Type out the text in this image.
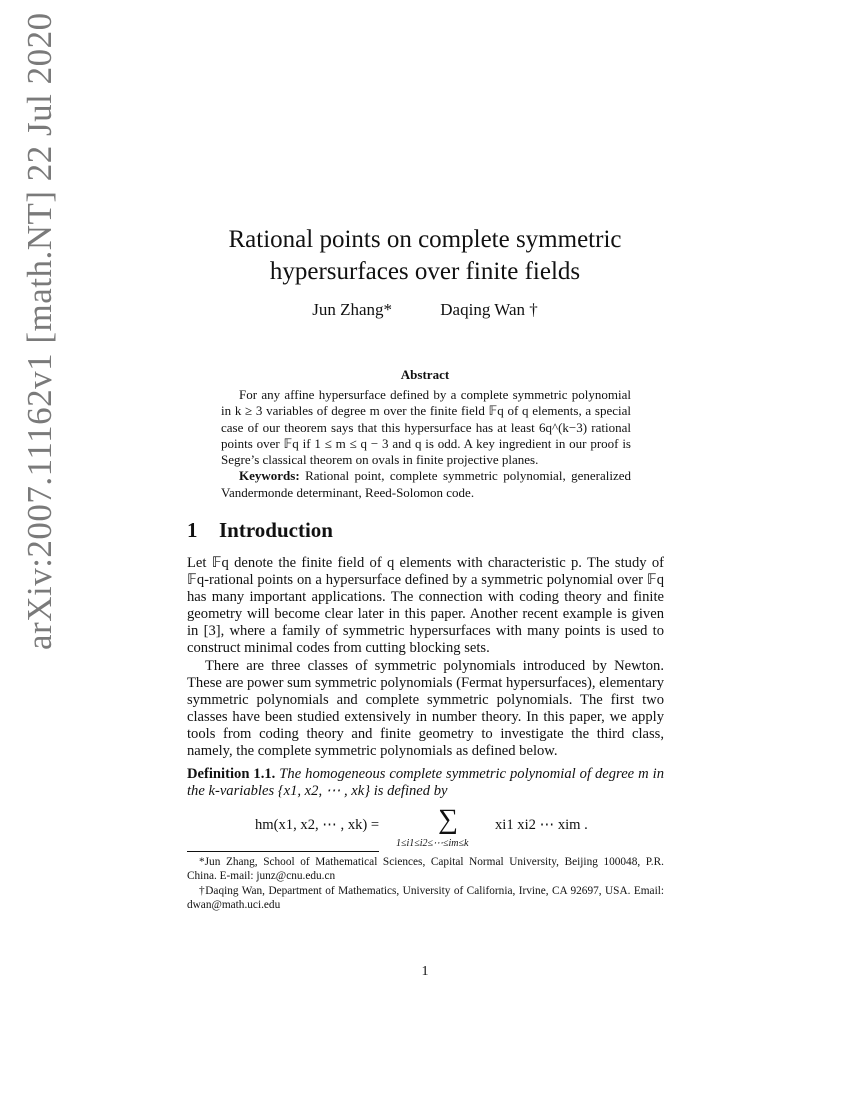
arXiv:2007.11162v1 [math.NT] 22 Jul 2020	Rational points on complete symmetric
hypersurfaces over finite fields
Jun Zhang*	Daqing Wan †
Abstract

For any affine hypersurface defined by a complete symmetric polynomial in k ≥ 3 variables of degree m over the finite field 𝔽q of q elements, a special case of our theorem says that this hypersurface has at least 6q^(k−3) rational points over 𝔽q if 1 ≤ m ≤ q − 3 and q is odd. A key ingredient in our proof is Segre’s classical theorem on ovals in finite projective planes.

Keywords: Rational point, complete symmetric polynomial, generalized Vandermonde determinant, Reed-Solomon code.

1 Introduction

Let 𝔽q denote the finite field of q elements with characteristic p. The study of 𝔽q-rational points on a hypersurface defined by a symmetric polynomial over 𝔽q has many important applications. The connection with coding theory and finite geometry will become clear later in this paper. Another recent example is given in [3], where a family of symmetric hypersurfaces with many points is used to construct minimal codes from cutting blocking sets.

There are three classes of symmetric polynomials introduced by Newton. These are power sum symmetric polynomials (Fermat hypersurfaces), elementary symmetric polynomials and complete symmetric polynomials. The first two classes have been studied extensively in number theory. In this paper, we apply tools from coding theory and finite geometry to investigate the third class, namely, the complete symmetric polynomials as defined below.

Definition 1.1. The homogeneous complete symmetric polynomial of degree m in the k-variables {x1, x2, ⋯ , xk} is defined by
hm(x1, x2, ⋯ , xk) = ∑
1≤i1≤i2≤⋯≤im≤k
xi1 xi2 ⋯ xim .

*Jun Zhang, School of Mathematical Sciences, Capital Normal University, Beijing 100048, P.R. China. E-mail: junz@cnu.edu.cn

†Daqing Wan, Department of Mathematics, University of California, Irvine, CA 92697, USA. Email: dwan@math.uci.edu

1
